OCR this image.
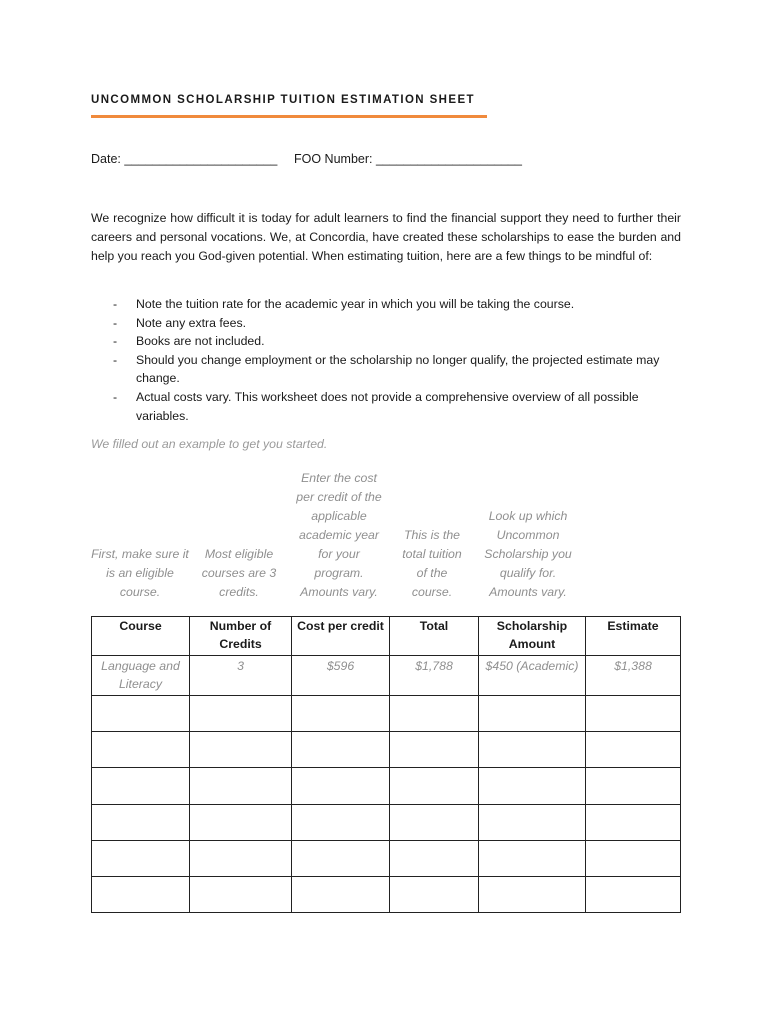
UNCOMMON SCHOLARSHIP TUITION ESTIMATION SHEET
Date: ______________________ FOO Number: _____________________
We recognize how difficult it is today for adult learners to find the financial support they need to further their careers and personal vocations. We, at Concordia, have created these scholarships to ease the burden and help you reach you God-given potential. When estimating tuition, here are a few things to be mindful of:
- Note the tuition rate for the academic year in which you will be taking the course.
- Note any extra fees.
- Books are not included.
- Should you change employment or the scholarship no longer qualify, the projected estimate may change.
- Actual costs vary. This worksheet does not provide a comprehensive overview of all possible variables.
We filled out an example to get you started.
First, make sure it is an eligible course.
Most eligible courses are 3 credits.
Enter the cost per credit of the applicable academic year for your program. Amounts vary.
This is the total tuition of the course.
Look up which Uncommon Scholarship you qualify for. Amounts vary.
Course	Number of Credits	Cost per credit	Total	Scholarship Amount	Estimate
Language and Literacy	3	$596	$1,788	$450 (Academic)	$1,388
